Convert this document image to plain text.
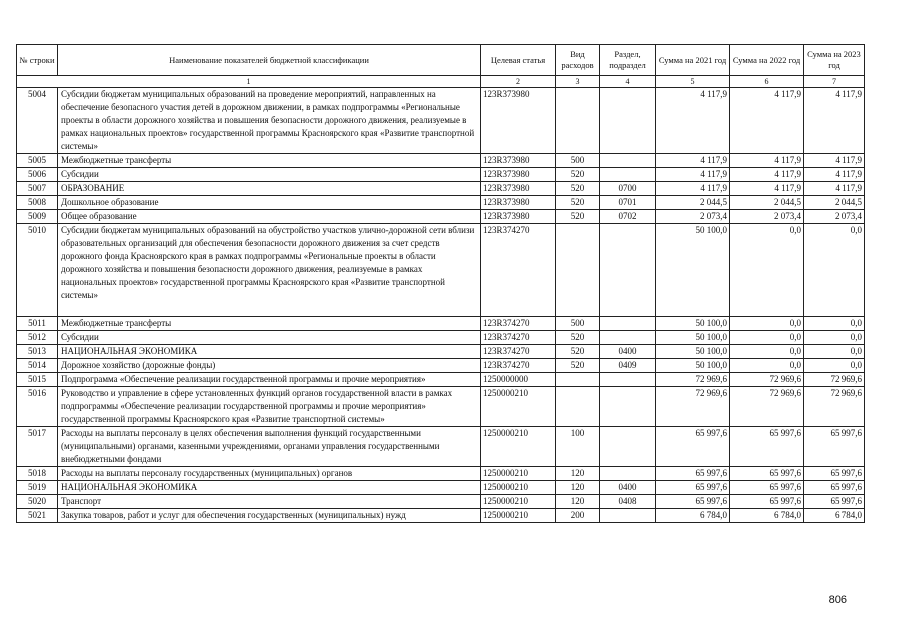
№ строки	Наименование показателей бюджетной классификации	Целевая статья	Вид расходов	Раздел, подраздел	Сумма на 2021 год	Сумма на 2022 год	Сумма на 2023 год
1		2	3	4	5	6	7
5004	Субсидии бюджетам муниципальных образований на проведение мероприятий, направленных на обеспечение безопасного участия детей в дорожном движении, в рамках подпрограммы «Региональные проекты в области дорожного хозяйства и повышения безопасности дорожного движения, реализуемые в рамках национальных проектов» государственной программы Красноярского края «Развитие транспортной системы»	123R373980			4 117,9	4 117,9	4 117,9
5005	Межбюджетные трансферты	123R373980	500		4 117,9	4 117,9	4 117,9
5006	Субсидии	123R373980	520		4 117,9	4 117,9	4 117,9
5007	ОБРАЗОВАНИЕ	123R373980	520	0700	4 117,9	4 117,9	4 117,9
5008	Дошкольное образование	123R373980	520	0701	2 044,5	2 044,5	2 044,5
5009	Общее образование	123R373980	520	0702	2 073,4	2 073,4	2 073,4
5010	Субсидии бюджетам муниципальных образований на обустройство участков улично-дорожной сети вблизи образовательных организаций для обеспечения безопасности дорожного движения за счет средств дорожного фонда Красноярского края в рамках подпрограммы «Региональные проекты в области дорожного хозяйства и повышения безопасности дорожного движения, реализуемые в рамках национальных проектов» государственной программы Красноярского края «Развитие транспортной системы»	123R374270			50 100,0	0,0	0,0
5011	Межбюджетные трансферты	123R374270	500		50 100,0	0,0	0,0
5012	Субсидии	123R374270	520		50 100,0	0,0	0,0
5013	НАЦИОНАЛЬНАЯ ЭКОНОМИКА	123R374270	520	0400	50 100,0	0,0	0,0
5014	Дорожное хозяйство (дорожные фонды)	123R374270	520	0409	50 100,0	0,0	0,0
5015	Подпрограмма «Обеспечение реализации государственной программы и прочие мероприятия»	1250000000			72 969,6	72 969,6	72 969,6
5016	Руководство и управление в сфере установленных функций органов государственной власти в рамках подпрограммы «Обеспечение реализации государственной программы и прочие мероприятия» государственной программы Красноярского края «Развитие транспортной системы»	1250000210			72 969,6	72 969,6	72 969,6
5017	Расходы на выплаты персоналу в целях обеспечения выполнения функций государственными (муниципальными) органами, казенными учреждениями, органами управления государственными внебюджетными фондами	1250000210	100		65 997,6	65 997,6	65 997,6
5018	Расходы на выплаты персоналу государственных (муниципальных) органов	1250000210	120		65 997,6	65 997,6	65 997,6
5019	НАЦИОНАЛЬНАЯ ЭКОНОМИКА	1250000210	120	0400	65 997,6	65 997,6	65 997,6
5020	Транспорт	1250000210	120	0408	65 997,6	65 997,6	65 997,6
5021	Закупка товаров, работ и услуг для обеспечения государственных (муниципальных) нужд	1250000210	200		6 784,0	6 784,0	6 784,0
806
